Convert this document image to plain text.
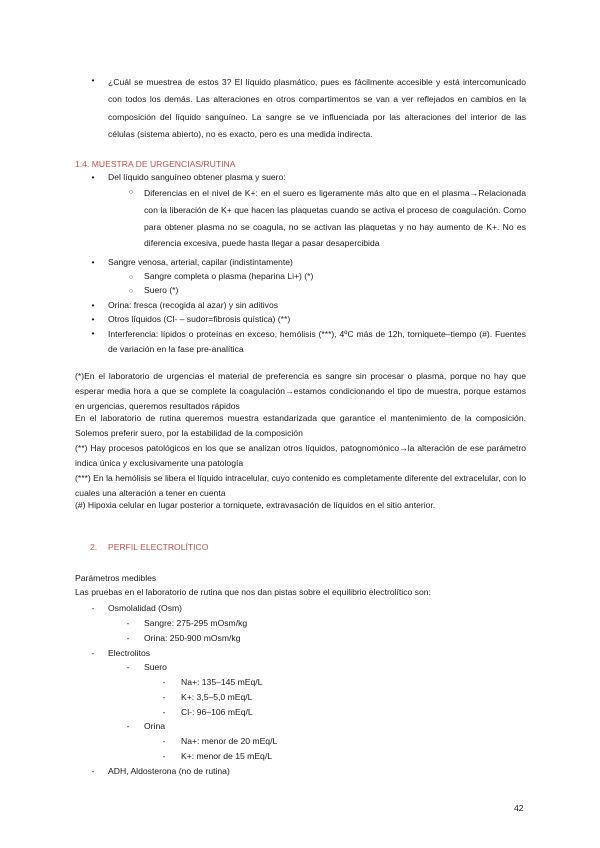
•	¿Cuál se muestrea de estos 3? El líquido plasmático, pues es fácilmente accesible y está intercomunicado con todos los demás. Las alteraciones en otros compartimentos se van a ver reflejados en cambios en la composición del líquido sanguíneo. La sangre se ve influenciada por las alteraciones del interior de las células (sistema abierto), no es exacto, pero es una medida indirecta.
1.4. MUESTRA DE URGENCIAS/RUTINA
•	Del líquido sanguíneo obtener plasma y suero:
○	Diferencias en el nivel de K+: en el suero es ligeramente más alto que en el plasma→Relacionada con la liberación de K+ que hacen las plaquetas cuando se activa el proceso de coagulación. Como para obtener plasma no se coagula, no se activan las plaquetas y no hay aumento de K+. No es diferencia excesiva, puede hasta llegar a pasar desapercibida
•	Sangre venosa, arterial, capilar (indistintamente)
○	Sangre completa o plasma (heparina Li+) (*)
○	Suero (*)
•	Orina: fresca (recogida al azar) y sin aditivos
•	Otros líquidos (Cl- – sudor=fibrosis quística) (**)
•	Interferencia: lípidos o proteínas en exceso, hemólisis (***), 4ºC más de 12h, torniquete–tiempo (#). Fuentes de variación en la fase pre-analítica
(*)En el laboratorio de urgencias el material de preferencia es sangre sin procesar o plasma, porque no hay que esperar media hora a que se complete la coagulación→estamos condicionando el tipo de muestra, porque estamos en urgencias, queremos resultados rápidos
En el laboratorio de rutina queremos muestra estandarizada que garantice el mantenimiento de la composición. Solemos preferir suero, por la estabilidad de la composición
(**) Hay procesos patológicos en los que se analizan otros líquidos, patognomónico→la alteración de ese parámetro indica única y exclusivamente una patología
(***) En la hemólisis se libera el líquido intracelular, cuyo contenido es completamente diferente del extracelular, con lo cuales una alteración a tener en cuenta
(#) Hipoxia celular en lugar posterior a torniquete, extravasación de líquidos en el sitio anterior.
2. PERFIL ELECTROLÍTICO
Parámetros medibles
Las pruebas en el laboratorio de rutina que nos dan pistas sobre el equilibrio electrolítico son:
-	Osmolalidad (Osm)
-	Sangre: 275-295 mOsm/kg
-	Orina: 250-900 mOsm/kg
-	Electrolitos
-	Suero
-	Na+: 135–145 mEq/L
-	K+: 3,5–5,0 mEq/L
-	Cl-: 96–106 mEq/L
-	Orina
-	Na+: menor de 20 mEq/L
-	K+: menor de 15 mEq/L
-	ADH, Aldosterona (no de rutina)
42
